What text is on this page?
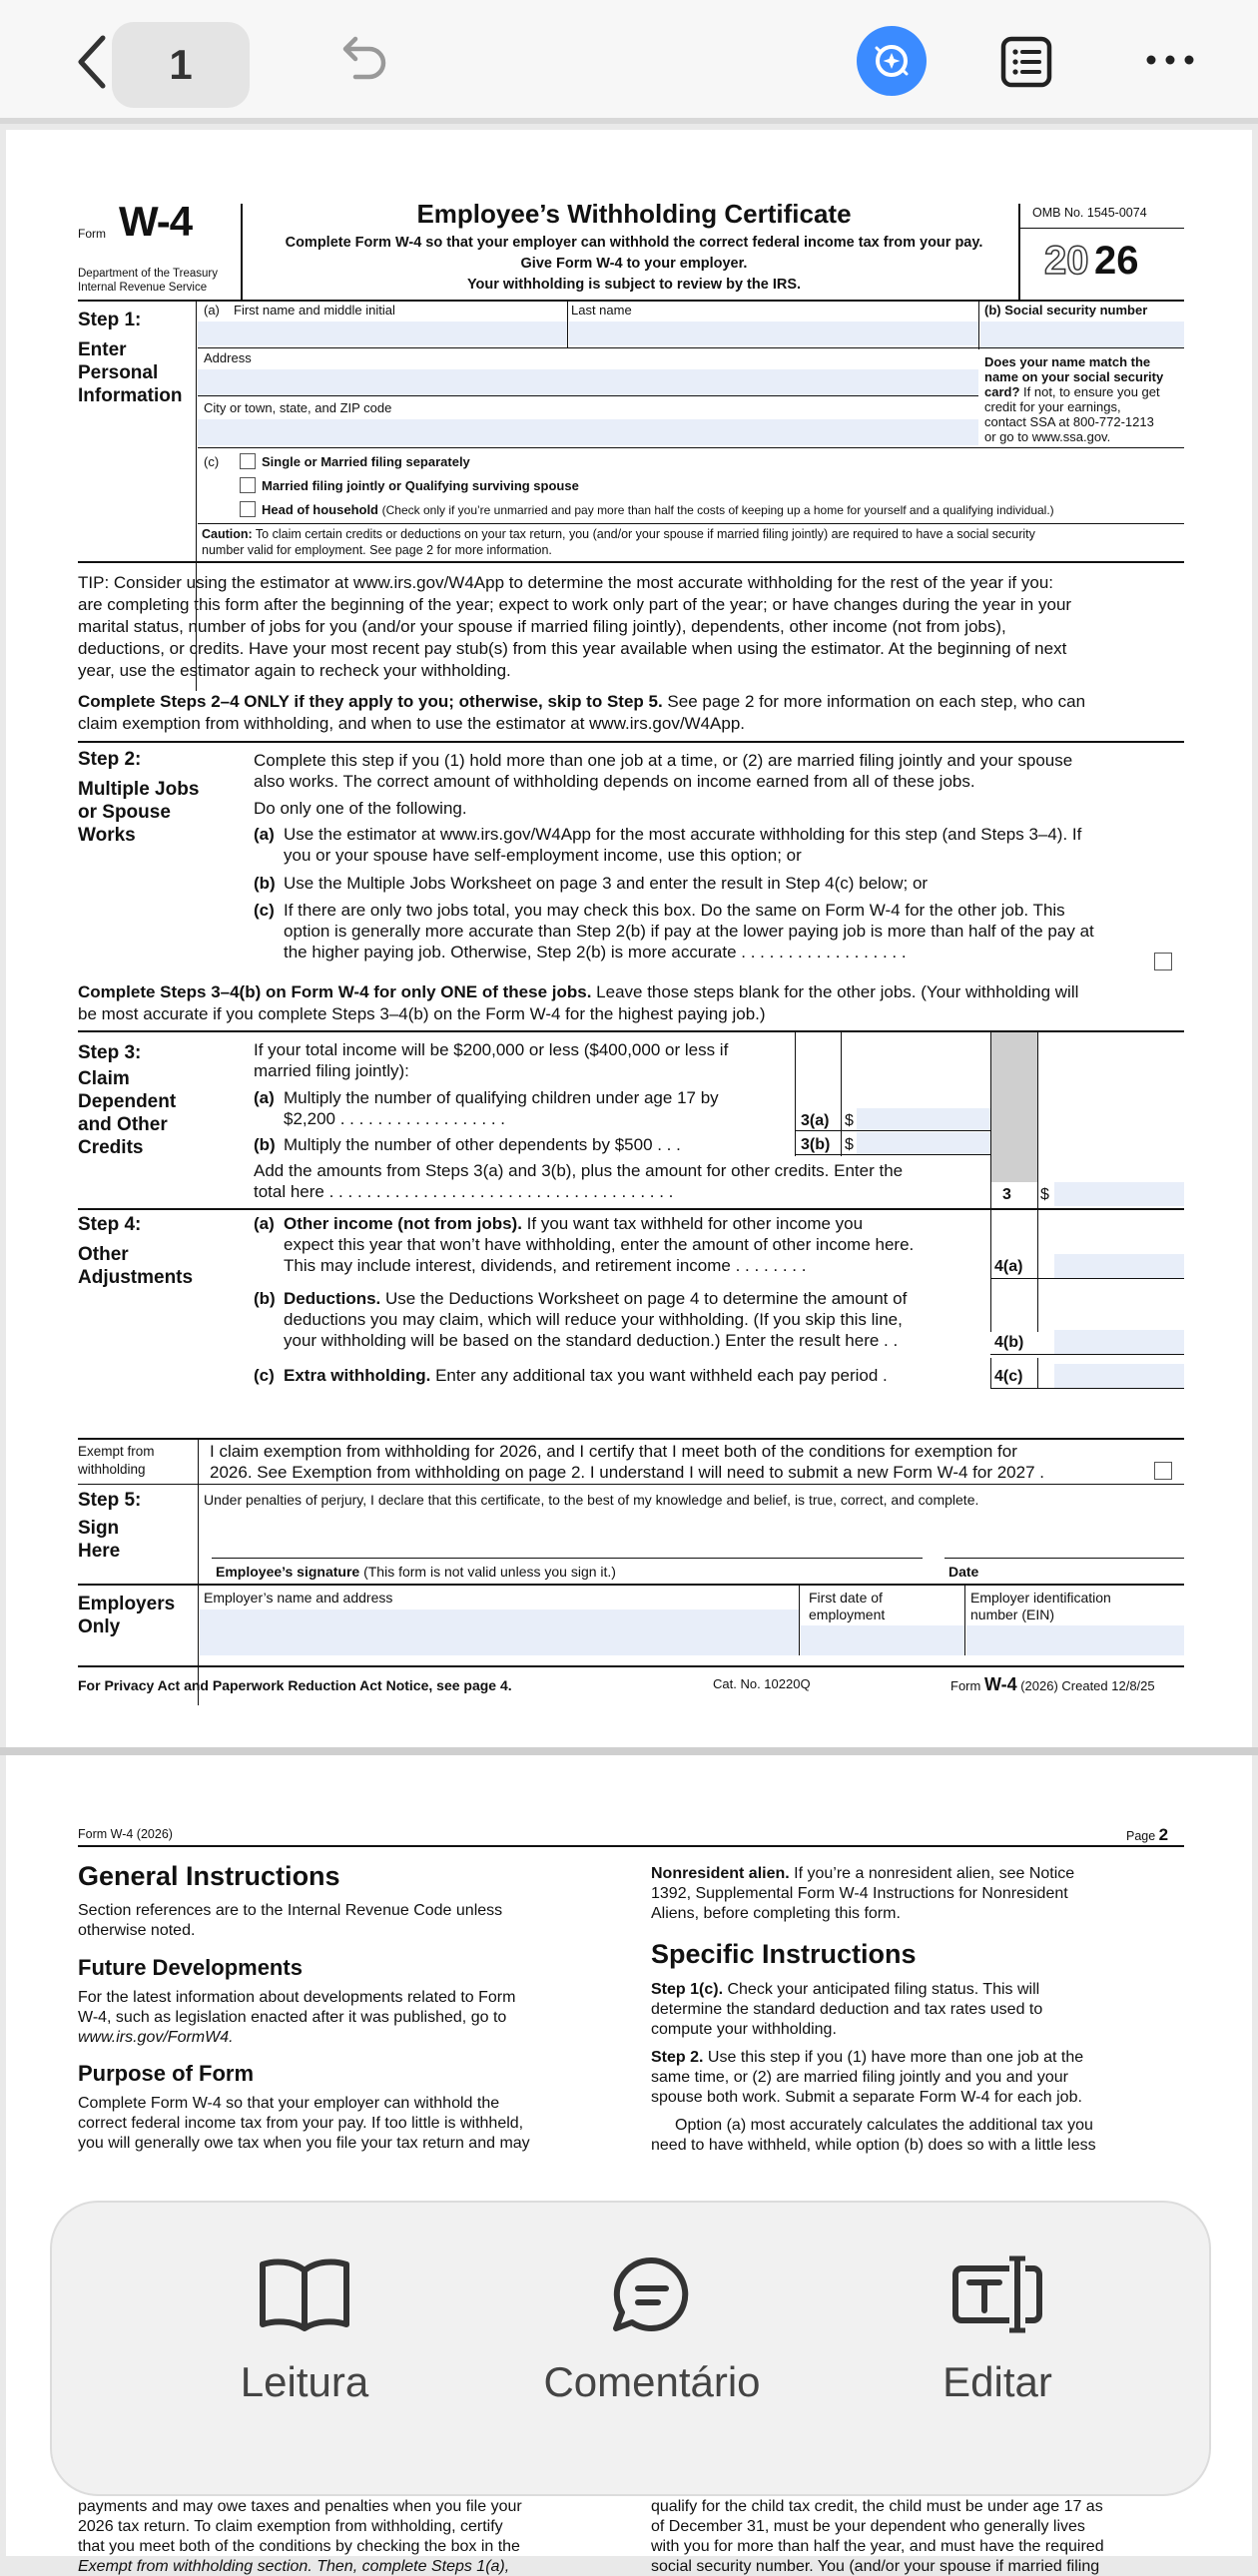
1
Form W-4
Department of the Treasury
Internal Revenue Service
Employee’s Withholding Certificate
Complete Form W-4 so that your employer can withhold the correct federal income tax from your pay.
Give Form W-4 to your employer.
Your withholding is subject to review by the IRS.
OMB No. 1545-0074
20 26
Step 1:
Enter
Personal
Information
(a) First name and middle initial	Last name	(b) Social security number
Address
City or town, state, and ZIP code
Does your name match the
name on your social security
card? If not, to ensure you get
credit for your earnings,
contact SSA at 800-772-1213
or go to www.ssa.gov.
(c)	Single or Married filing separately
Married filing jointly or Qualifying surviving spouse
Head of household (Check only if you’re unmarried and pay more than half the costs of keeping up a home for yourself and a qualifying individual.)
Caution: To claim certain credits or deductions on your tax return, you (and/or your spouse if married filing jointly) are required to have a social security
number valid for employment. See page 2 for more information.
TIP: Consider using the estimator at www.irs.gov/W4App to determine the most accurate withholding for the rest of the year if you:
are completing this form after the beginning of the year; expect to work only part of the year; or have changes during the year in your
marital status, number of jobs for you (and/or your spouse if married filing jointly), dependents, other income (not from jobs),
deductions, or credits. Have your most recent pay stub(s) from this year available when using the estimator. At the beginning of next
year, use the estimator again to recheck your withholding.
Complete Steps 2–4 ONLY if they apply to you; otherwise, skip to Step 5. See page 2 for more information on each step, who can
claim exemption from withholding, and when to use the estimator at www.irs.gov/W4App.
Step 2:
Multiple Jobs
or Spouse
Works
Complete this step if you (1) hold more than one job at a time, or (2) are married filing jointly and your spouse
also works. The correct amount of withholding depends on income earned from all of these jobs.
Do only one of the following.
(a) Use the estimator at www.irs.gov/W4App for the most accurate withholding for this step (and Steps 3–4). If
you or your spouse have self-employment income, use this option; or
(b) Use the Multiple Jobs Worksheet on page 3 and enter the result in Step 4(c) below; or
(c) If there are only two jobs total, you may check this box. Do the same on Form W-4 for the other job. This
option is generally more accurate than Step 2(b) if pay at the lower paying job is more than half of the pay at
the higher paying job. Otherwise, Step 2(b) is more accurate . . . . . . . . . . . . . . . . . .
Complete Steps 3–4(b) on Form W-4 for only ONE of these jobs. Leave those steps blank for the other jobs. (Your withholding will
be most accurate if you complete Steps 3–4(b) on the Form W-4 for the highest paying job.)
Step 3:
Claim
Dependent
and Other
Credits
If your total income will be $200,000 or less ($400,000 or less if
married filing jointly):
(a) Multiply the number of qualifying children under age 17 by
$2,200 . . . . . . . . . . . . . . . . . .	3(a) $
(b) Multiply the number of other dependents by $500 . . .	3(b) $
Add the amounts from Steps 3(a) and 3(b), plus the amount for other credits. Enter the
total here . . . . . . . . . . . . . . . . . . . . . . . . . . . . . . . . . . . . .	3	$
Step 4:
Other
Adjustments
(a) Other income (not from jobs). If you want tax withheld for other income you
expect this year that won’t have withholding, enter the amount of other income here.
This may include interest, dividends, and retirement income . . . . . . . .	4(a)
(b) Deductions. Use the Deductions Worksheet on page 4 to determine the amount of
deductions you may claim, which will reduce your withholding. (If you skip this line,
your withholding will be based on the standard deduction.) Enter the result here . .	4(b)
(c) Extra withholding. Enter any additional tax you want withheld each pay period .	4(c)
Exempt from
withholding
I claim exemption from withholding for 2026, and I certify that I meet both of the conditions for exemption for
2026. See Exemption from withholding on page 2. I understand I will need to submit a new Form W-4 for 2027 .
Step 5:
Sign
Here
Under penalties of perjury, I declare that this certificate, to the best of my knowledge and belief, is true, correct, and complete.
Employee’s signature (This form is not valid unless you sign it.)	Date
Employers
Only
Employer’s name and address	First date of
employment
Employer identification
number (EIN)
For Privacy Act and Paperwork Reduction Act Notice, see page 4.	Cat. No. 10220Q	Form W-4 (2026) Created 12/8/25
Form W-4 (2026)	Page 2
General Instructions
Section references are to the Internal Revenue Code unless
otherwise noted.
Future Developments
For the latest information about developments related to Form
W-4, such as legislation enacted after it was published, go to
www.irs.gov/FormW4.
Purpose of Form
Complete Form W-4 so that your employer can withhold the
correct federal income tax from your pay. If too little is withheld,
you will generally owe tax when you file your tax return and may
Nonresident alien. If you’re a nonresident alien, see Notice
1392, Supplemental Form W-4 Instructions for Nonresident
Aliens, before completing this form.
Specific Instructions
Step 1(c). Check your anticipated filing status. This will
determine the standard deduction and tax rates used to
compute your withholding.
Step 2. Use this step if you (1) have more than one job at the
same time, or (2) are married filing jointly and you and your
spouse both work. Submit a separate Form W-4 for each job.
Option (a) most accurately calculates the additional tax you
need to have withheld, while option (b) does so with a little less
payments and may owe taxes and penalties when you file your
2026 tax return. To claim exemption from withholding, certify
that you meet both of the conditions by checking the box in the
Exempt from withholding section. Then, complete Steps 1(a),
qualify for the child tax credit, the child must be under age 17 as
of December 31, must be your dependent who generally lives
with you for more than half the year, and must have the required
social security number. You (and/or your spouse if married filing
Leitura	Comentário	Editar
